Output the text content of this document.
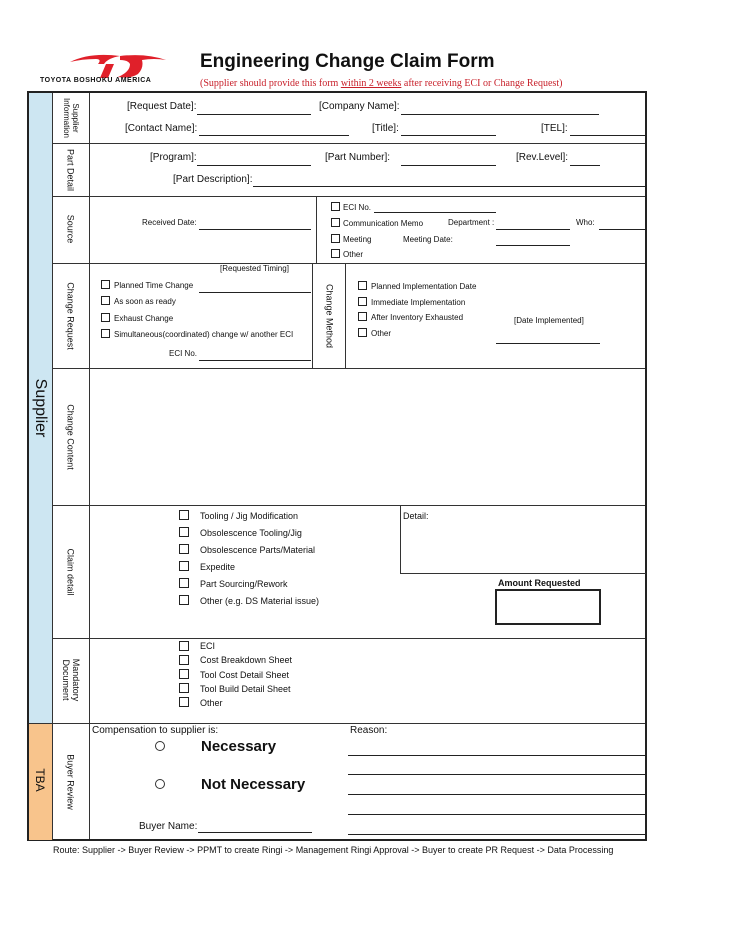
TOYOTA BOSHOKU AMERICA
Engineering Change Claim Form
(Supplier should provide this form within 2 weeks after receiving ECI or Change Request)
Supplier
TBA
Supplier Information
Part Detail
Source
Change Request
Change Content
Claim detail
Mandatory Document
Buyer Review
[Request Date]:	[Company Name]:
[Contact Name]:	[Title]:	[TEL]:
[Program]:	[Part Number]:	[Rev.Level]:
[Part Description]:
Received Date:
ECI No.
Communication Memo	Department :	Who:
Meeting	Meeting Date:
Other
[Requested Timing]
Planned Time Change
As soon as ready
Exhaust Change
Simultaneous(coordinated) change w/ another ECI
ECI No.
Change Method	Planned Implementation Date
Immediate Implementation
After Inventory Exhausted
Other
[Date Implemented]
Tooling / Jig Modification
Obsolescence Tooling/Jig
Obsolescence Parts/Material
Expedite
Part Sourcing/Rework
Other (e.g. DS Material issue)
Detail:
Amount Requested
ECI
Cost Breakdown Sheet
Tool Cost Detail Sheet
Tool Build Detail Sheet
Other
Compensation to supplier is:
Necessary
Not Necessary
Buyer Name:
Reason:
Route: Supplier -> Buyer Review -> PPMT to create Ringi -> Management Ringi Approval -> Buyer to create PR Request -> Data Processing
